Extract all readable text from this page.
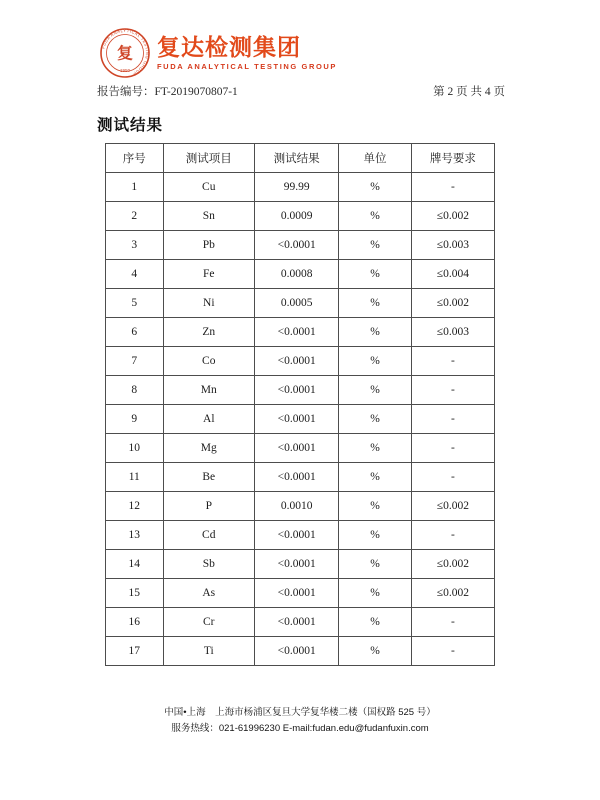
FUDA ANALYTICAL TESTING GROUP
复
1950
复达检测集团
FUDA ANALYTICAL TESTING GROUP
报告编号：FT-2019070807-1	第 2 页 共 4 页
测试结果
序号	测试项目	测试结果	单位	牌号要求
1	Cu	99.99	%	-
2	Sn	0.0009	%	≤0.002
3	Pb	<0.0001	%	≤0.003
4	Fe	0.0008	%	≤0.004
5	Ni	0.0005	%	≤0.002
6	Zn	<0.0001	%	≤0.003
7	Co	<0.0001	%	-
8	Mn	<0.0001	%	-
9	Al	<0.0001	%	-
10	Mg	<0.0001	%	-
11	Be	<0.0001	%	-
12	P	0.0010	%	≤0.002
13	Cd	<0.0001	%	-
14	Sb	<0.0001	%	≤0.002
15	As	<0.0001	%	≤0.002
16	Cr	<0.0001	%	-
17	Ti	<0.0001	%	-
中国•上海　上海市杨浦区复旦大学复华楼二楼（国权路 525 号）
服务热线：021-61996230 E-mail:fudan.edu@fudanfuxin.com
